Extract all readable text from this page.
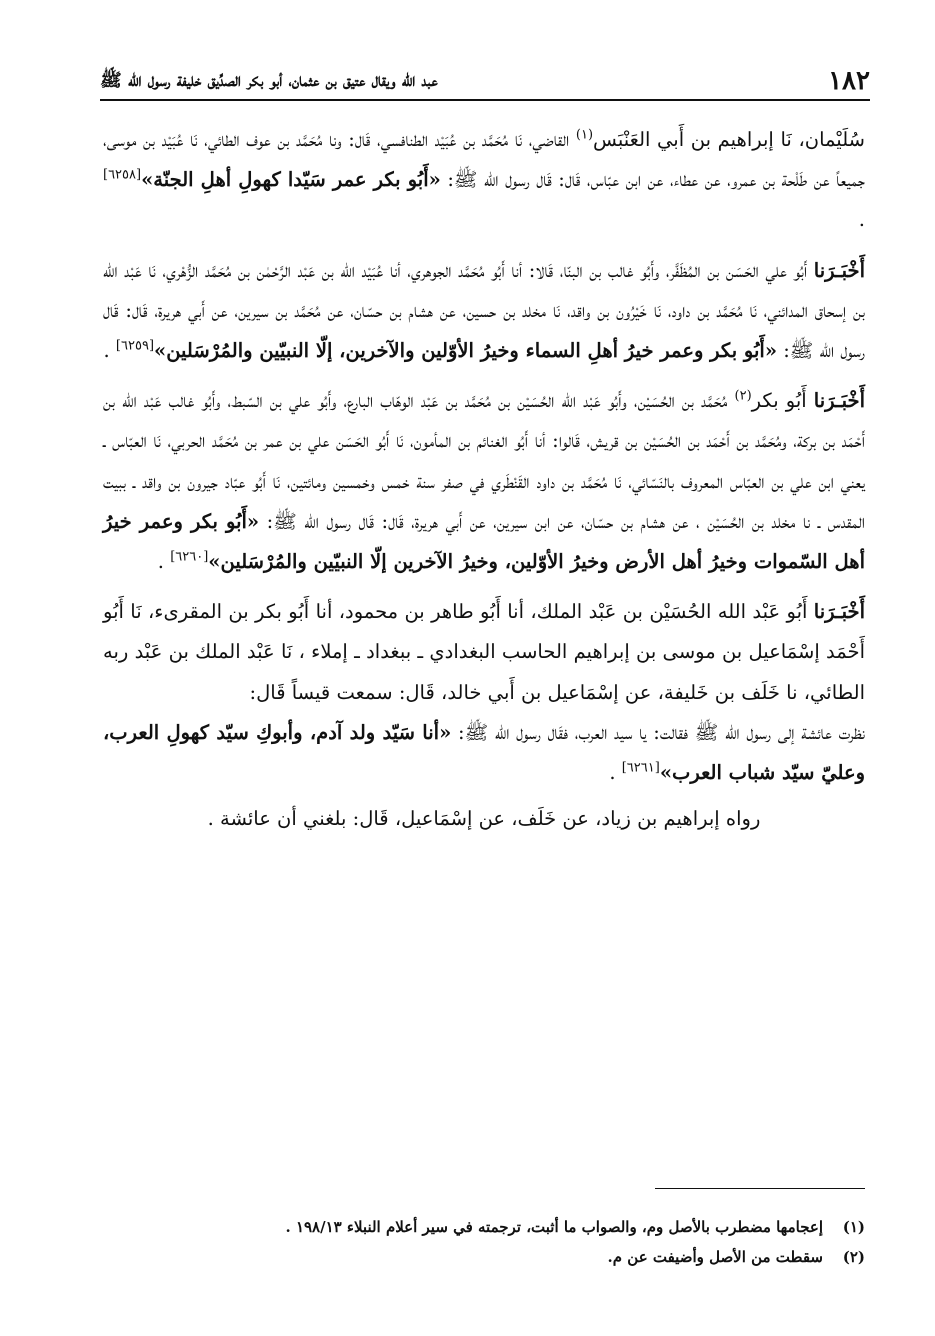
١٨٢
عبد الله ويقال عتيق بن عثمان، أبو بكر الصدِّيق خليفة رسول الله ﷺ

سُلَيْمان، نَا إبراهيم بن أَبي العَنْبَس$^{(١)}$ القاضي، نَا مُحَمَّد بن عُبَيْد الطنافسي، قَال: ونا مُحَمَّد بن عوف الطائي، نَا عُبَيْد بن موسى، جميعاً عن طَلْحة بن عمرو، عن عطاء، عن ابن عبّاس، قَال: قَال رسول الله ﷺ: «أَبُو بكر عمر سَيّدا كهولِ أهلِ الجنّة»[٦٢٥٨] .

أَخْبَـرَنا أَبُو علي الحَسَن بن المُظَفَّر، وأَبُو غالب بن البنّا، قَالا: أنا أَبُو مُحَمَّد الجوهري، أنا عُبَيْد الله بن عَبْد الرَّحْمٰن بن مُحَمَّد الزُّهْري، نَا عَبْد الله بن إسحاق المدائني، نَا مُحَمَّد بن داود، نَا خَيْرُون بن واقد، نَا مخلد بن حسين، عن هشام بن حسّان، عن مُحَمَّد بن سيرين، عن أَبي هريرة، قَال: قَال رسول الله ﷺ: «أَبُو بكر وعمر خيرُ أهلِ السماء وخيرُ الأوّلين والآخرين، إلّا النبيّين والمُرْسَلين»[٦٢٥٩] .

أَخْبَـرَنا أَبُو بكر$^{(٢)}$ مُحَمَّد بن الحُسَيْن، وأَبُو عَبْد الله الحُسَيْن بن مُحَمَّد بن عَبْد الوهّاب البارع، وأَبُو علي بن السّبط، وأَبُو غالب عَبْد الله بن أَحْمَد بن بركة، ومُحَمَّد بن أَحْمَد بن الحُسَيْن بن قريش، قَالوا: أنا أَبُو الغنائم بن المأمون، نَا أَبُو الحَسَن علي بن عمر بن مُحَمَّد الحربي، نَا العبّاس ـ يعني ابن علي بن العبّاس المعروف بالنَسّائي، نَا مُحَمَّد بن داود القَنْطَري في صفر سنة خمس وخمسين ومائتين، نَا أَبُو عبّاد جيرون بن واقد ـ ببيت المقدس ـ نا مخلد بن الحُسَيْن ، عن هشام بن حسّان، عن ابن سيرين، عن أَبي هريرة، قَال: قَال رسول الله ﷺ: «أَبُو بكر وعمر خيرُ أهل السّموات وخيرُ أهل الأرض وخيرُ الأوّلين، وخيرُ الآخرين إلّا النبيّين والمُرْسَلين»[٦٢٦٠] .

أَخْبَـرَنا أَبُو عَبْد الله الحُسَيْن بن عَبْد الملك، أنا أَبُو طاهر بن محمود، أنا أَبُو بكر بن المقرىء، نَا أَبُو أَحْمَد إسْمَاعيل بن موسى بن إبراهيم الحاسب البغدادي ـ ببغداد ـ إملاء ، نَا عَبْد الملك بن عَبْد ربه الطائي، نا خَلَف بن خَليفة، عن إسْمَاعيل بن أَبي خالد، قَال: سمعت قيساً قَال:

نظرت عائشة إلى رسول الله ﷺ فقالت: يا سيد العرب، فقَال رسول الله ﷺ: «أنا سَيّد ولد آدم، وأبوكِ سيّد كهولِ العرب، وعليّ سيّد شباب العرب»[٦٢٦١] .

رواه إبراهيم بن زياد، عن خَلَف، عن إسْمَاعيل، قَال: بلغني أن عائشة .

(١)
إعجامها مضطرب بالأصل وم، والصواب ما أثبت، ترجمته في سير أعلام النبلاء ١٩٨/١٣ .
(٢)
سقطت من الأصل وأضيفت عن م.
